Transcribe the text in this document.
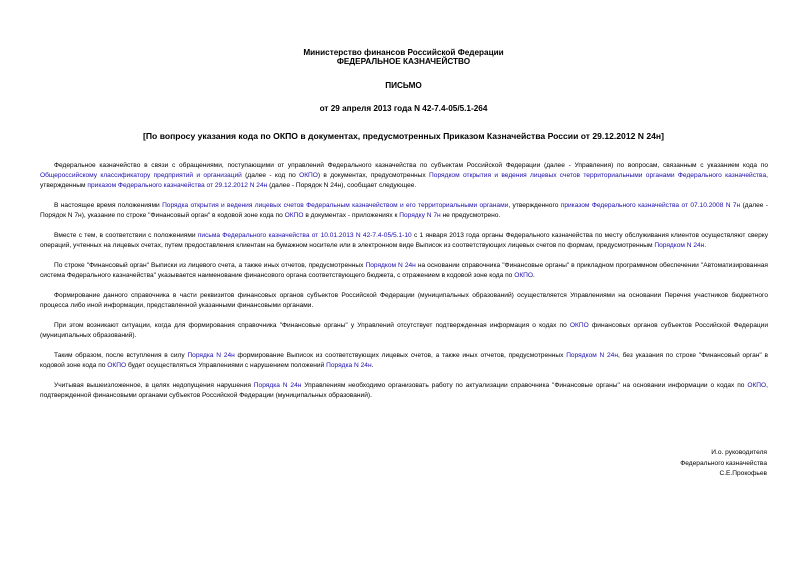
Министерство финансов Российской Федерации
ФЕДЕРАЛЬНОЕ КАЗНАЧЕЙСТВО
ПИСЬМО
от 29 апреля 2013 года N 42-7.4-05/5.1-264
[По вопросу указания кода по ОКПО в документах, предусмотренных Приказом Казначейства России от 29.12.2012 N 24н]

Федеральное казначейство в связи с обращениями, поступающими от управлений Федерального казначейства по субъектам Российской Федерации (далее - Управления) по вопросам, связанным с указанием кода по Общероссийскому классификатору предприятий и организаций (далее - код по ОКПО) в документах, предусмотренных Порядком открытия и ведения лицевых счетов территориальными органами Федерального казначейства, утвержденным приказом Федерального казначейства от 29.12.2012 N 24н (далее - Порядок N 24н), сообщает следующее.

В настоящее время положениями Порядка открытия и ведения лицевых счетов Федеральным казначейством и его территориальными органами, утвержденного приказом Федерального казначейства от 07.10.2008 N 7н (далее - Порядок N 7н), указание по строке "Финансовый орган" в кодовой зоне кода по ОКПО в документах - приложениях к Порядку N 7н не предусмотрено.

Вместе с тем, в соответствии с положениями письма Федерального казначейства от 10.01.2013 N 42-7.4-05/5.1-10 с 1 января 2013 года органы Федерального казначейства по месту обслуживания клиентов осуществляют сверку операций, учтенных на лицевых счетах, путем предоставления клиентам на бумажном носителе или в электронном виде Выписок из соответствующих лицевых счетов по формам, предусмотренным Порядком N 24н.

По строке "Финансовый орган" Выписки из лицевого счета, а также иных отчетов, предусмотренных Порядком N 24н на основании справочника "Финансовые органы" в прикладном программном обеспечении "Автоматизированная система Федерального казначейства" указывается наименование финансового органа соответствующего бюджета, с отражением в кодовой зоне кода по ОКПО.

Формирование данного справочника в части реквизитов финансовых органов субъектов Российской Федерации (муниципальных образований) осуществляется Управлениями на основании Перечня участников бюджетного процесса либо иной информации, представленной указанными финансовыми органами.

При этом возникают ситуации, когда для формирования справочника "Финансовые органы" у Управлений отсутствует подтвержденная информация о кодах по ОКПО финансовых органов субъектов Российской Федерации (муниципальных образований).

Таким образом, после вступления в силу Порядка N 24н формирование Выписок из соответствующих лицевых счетов, а также иных отчетов, предусмотренных Порядком N 24н, без указания по строке "Финансовый орган" в кодовой зоне кода по ОКПО будет осуществляться Управлениями с нарушением положений Порядка N 24н.

Учитывая вышеизложенное, в целях недопущения нарушения Порядка N 24н Управлениям необходимо организовать работу по актуализации справочника "Финансовые органы" на основании информации о кодах по ОКПО, подтвержденной финансовыми органами субъектов Российской Федерации (муниципальных образований).

И.о. руководителя
Федерального казначейства
С.Е.Прокофьев
